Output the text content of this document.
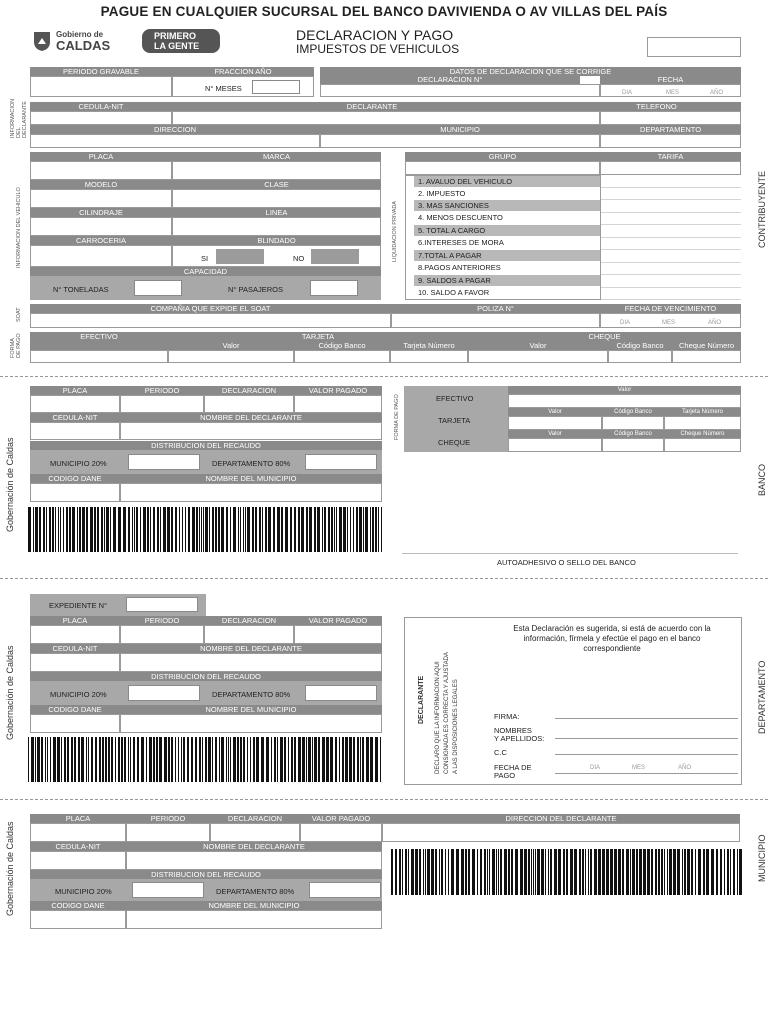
PAGUE EN CUALQUIER SUCURSAL DEL BANCO DAVIVIENDA O AV VILLAS DEL PAÍS
Gobierno de
CALDAS
PRIMERO
LA GENTE
DECLARACION Y PAGO
IMPUESTOS DE VEHICULOS
PERIODO GRAVABLE	FRACCION AÑO
N° MESES
DATOS DE DECLARACION QUE SE CORRIGE
DECLARACION N°	FECHA
DIA	MES	AÑO
INFORMACION DEL DECLARANTE	CEDULA-NIT	DECLARANTE	TELEFONO
DIRECCION	MUNICIPIO	DEPARTAMENTO
INFORMACION DEL VEHICULO
PLACA	MARCA
MODELO	CLASE
CILINDRAJE	LINEA
CARROCERIA	BLINDADO
SI	NO
CAPACIDAD
N° TONELADAS	N° PASAJEROS
LIQUIDACION PRIVADA
GRUPO	TARIFA
1. AVALUO DEL VEHICULO
2. IMPUESTO
3. MAS SANCIONES
4. MENOS DESCUENTO
5. TOTAL A CARGO
6.INTERESES DE MORA
7.TOTAL A PAGAR
8.PAGOS ANTERIORES
9. SALDOS A PAGAR
10. SALDO A FAVOR
SOAT	COMPAÑIA QUE EXPIDE EL SOAT	POLIZA N°	FECHA DE VENCIMIENTO
DIA	MES	AÑO
FORMA DE PAGO	EFECTIVO	TARJETA	CHEQUE
Valor	Código Banco	Tarjeta Número	Valor	Código Banco	Cheque Número
CONTRIBUYENTE
Gobernación de Caldas
PLACA	PERIODO	DECLARACION	VALOR PAGADO
CEDULA-NIT	NOMBRE DEL DECLARANTE
DISTRIBUCION DEL RECAUDO
MUNICIPIO 20%	DEPARTAMENTO 80%
CODIGO DANE	NOMBRE DEL MUNICIPIO
FORMA DE PAGO	EFECTIVO
Valor
TARJETA
Valor	Código Banco	Tarjeta Número
CHEQUE
Valor	Código Banco	Cheque Número
AUTOADHESIVO O SELLO DEL BANCO
BANCO
Gobernación de Caldas
EXPEDIENTE N°
PLACA	PERIODO	DECLARACION	VALOR PAGADO
CEDULA-NIT	NOMBRE DEL DECLARANTE
DISTRIBUCION DEL RECAUDO
MUNICIPIO 20%	DEPARTAMENTO 80%
CODIGO DANE	NOMBRE DEL MUNICIPIO
Esta Declaración es sugerida, si está de acuerdo con la información, fírmela y efectúe el pago en el banco correspondiente
DECLARANTE DECLARO QUE LA INFORMACION AQUI CONSIGNADA ES CORRECTA Y AJUSTADA A LAS DISPOSICIONES LEGALES	FIRMA:
NOMBRES
Y APELLIDOS:
C.C
FECHA DE
PAGO
DIA	MES	AÑO
DEPARTAMENTO
Gobernación de Caldas
PLACA	PERIODO	DECLARACION	VALOR PAGADO	DIRECCION DEL DECLARANTE
CEDULA-NIT	NOMBRE DEL DECLARANTE
DISTRIBUCION DEL RECAUDO
MUNICIPIO 20%	DEPARTAMENTO 80%
CODIGO DANE	NOMBRE DEL MUNICIPIO
MUNICIPIO
